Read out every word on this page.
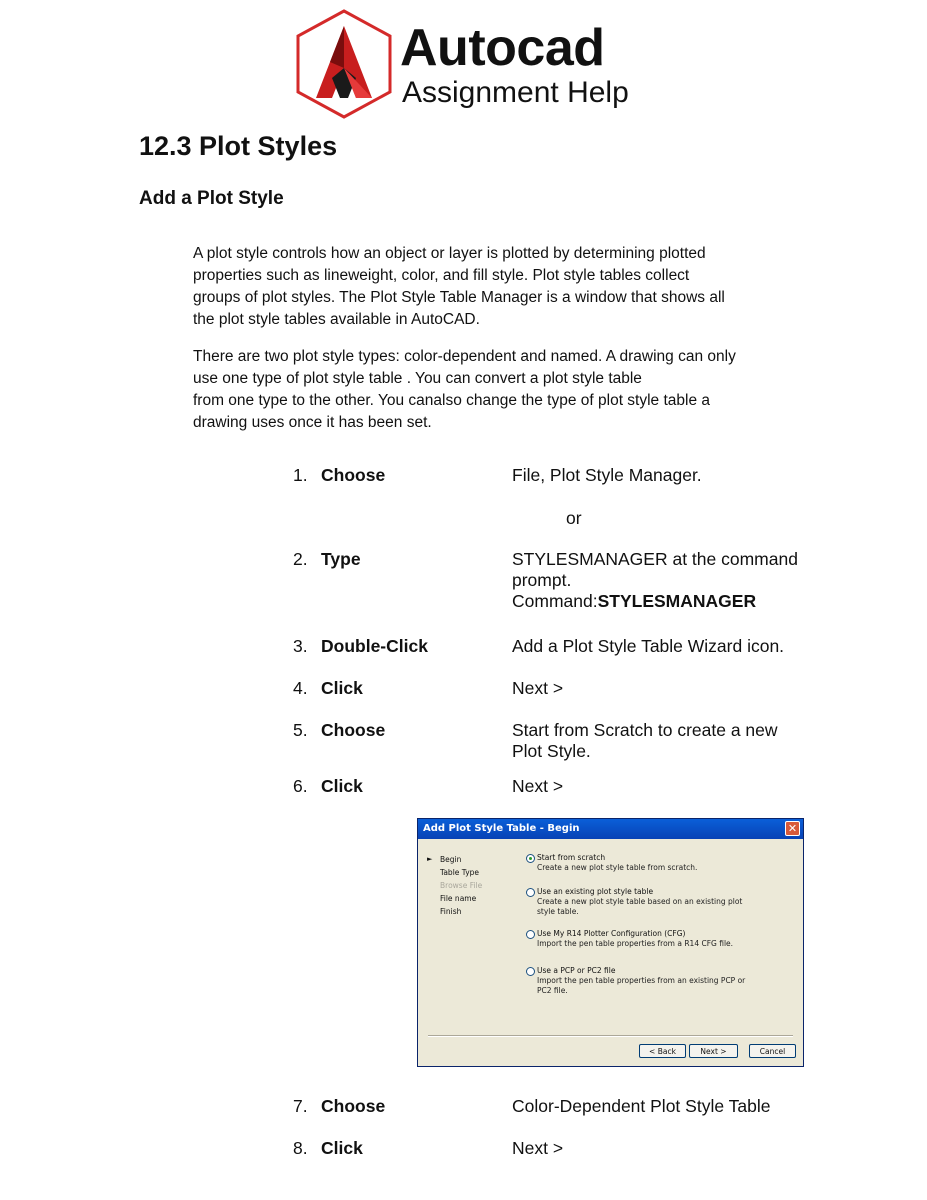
Autocad
Assignment Help
12.3 Plot Styles
Add a Plot Style

A plot style controls how an object or layer is plotted by determining plotted
properties such as lineweight, color, and fill style. Plot style tables collect
groups of plot styles. The Plot Style Table Manager is a window that shows all
the plot style tables available in AutoCAD.

There are two plot style types: color-dependent and named. A drawing can only
use one type of plot style table . You can convert a plot style table
from one type to the other. You canalso change the type of plot style table a
drawing uses once it has been set.

1. Choose	File, Plot Style Manager.
or
2. Type	STYLESMANAGER at the command
prompt.
Command:STYLESMANAGER
3. Double-Click	Add a Plot Style Table Wizard icon.
4. Click	Next >
5. Choose	Start from Scratch to create a new
Plot Style.
6. Click	Next >
Add Plot Style Table - Begin	✕
► Begin
Table Type
Browse File
File name
Finish
Start from scratch
Create a new plot style table from scratch.
Use an existing plot style table
Create a new plot style table based on an existing plot style table.
Use My R14 Plotter Configuration (CFG)
Import the pen table properties from a R14 CFG file.
Use a PCP or PC2 file
Import the pen table properties from an existing PCP or PC2 file.
< Back	Next >	Cancel
7. Choose	Color-Dependent Plot Style Table
8. Click	Next >
